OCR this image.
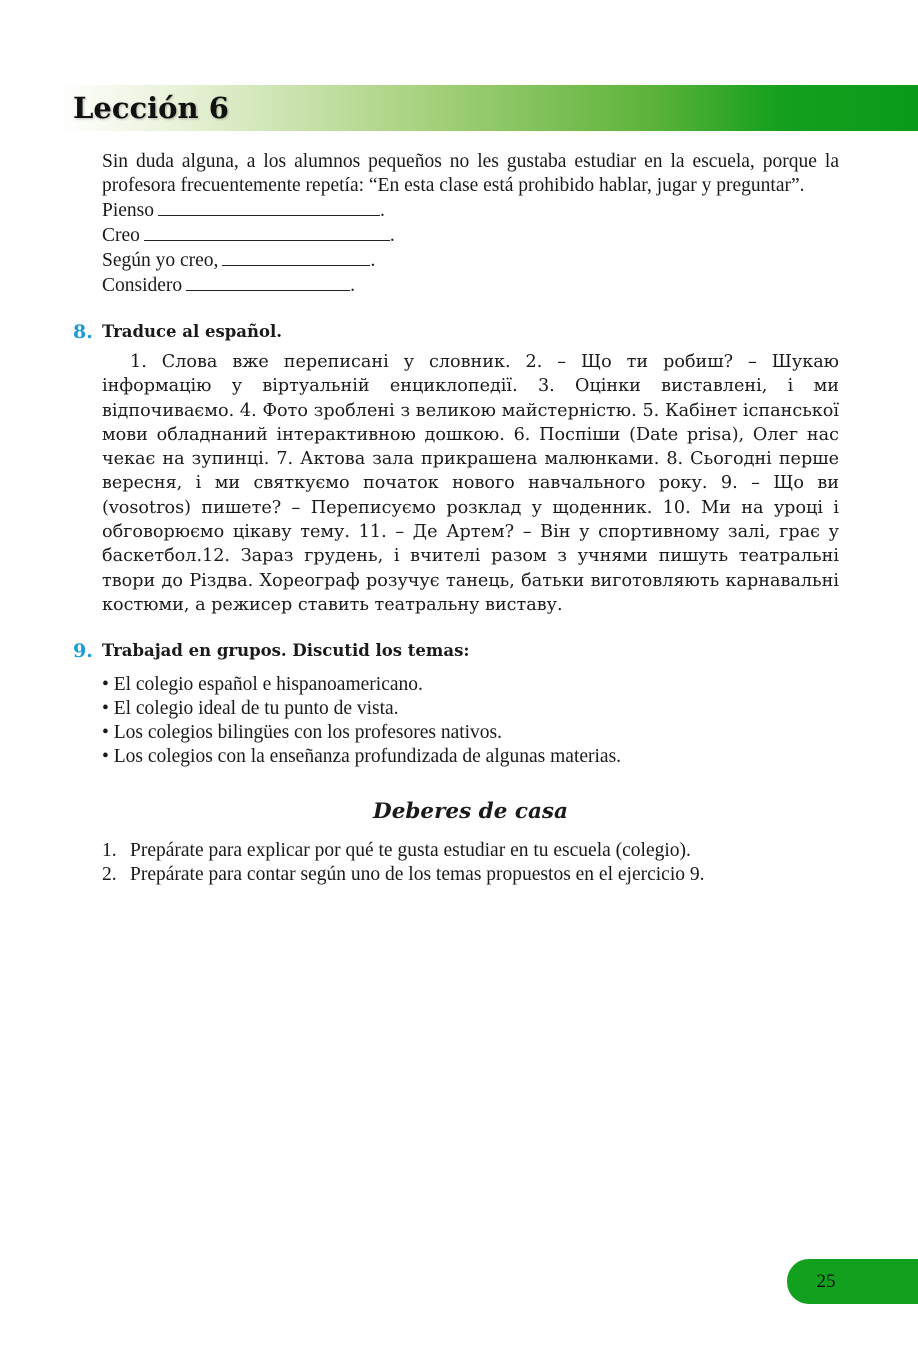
Lección 6

Sin duda alguna, a los alumnos pequeños no les gustaba estudiar en la escuela, porque la profesora frecuentemente repetía: “En esta clase está prohibido hablar, jugar y preguntar”.

Pienso	.
Creo	.
Según yo creo,	.
Considero	.
8. Traduce al español.

1. Слова вже переписані у словник. 2. – Що ти робиш? – Шукаю інформацію у віртуальній енциклопедії. 3. Оцінки виставлені, і ми відпочиваємо. 4. Фото зроблені з великою майстерністю. 5. Кабінет іспанської мови обладнаний інтерактивною дошкою. 6. Поспіши (Date prisa), Олег нас чекає на зупинці. 7. Актова зала прикрашена малюнками. 8. Сьогодні перше вересня, і ми святкуємо початок нового навчального року. 9. – Що ви (vosotros) пишете? – Переписуємо розклад у щоденник. 10. Ми на уроці і обговорюємо цікаву тему. 11. – Де Артем? – Він у спортивному залі, грає у баскетбол.12. Зараз грудень, і вчителі разом з учнями пишуть театральні твори до Різдва. Хореограф розучує танець, батьки виготовляють карнавальні костюми, а режисер ставить театральну виставу.

9. Trabajad en grupos. Discutid los temas:
• El colegio español e hispanoamericano.
• El colegio ideal de tu punto de vista.
• Los colegios bilingües con los profesores nativos.
• Los colegios con la enseñanza profundizada de algunas materias.
Deberes de casa
1. Prepárate para explicar por qué te gusta estudiar en tu escuela (colegio).
2. Prepárate para contar según uno de los temas propuestos en el ejercicio 9.
25
